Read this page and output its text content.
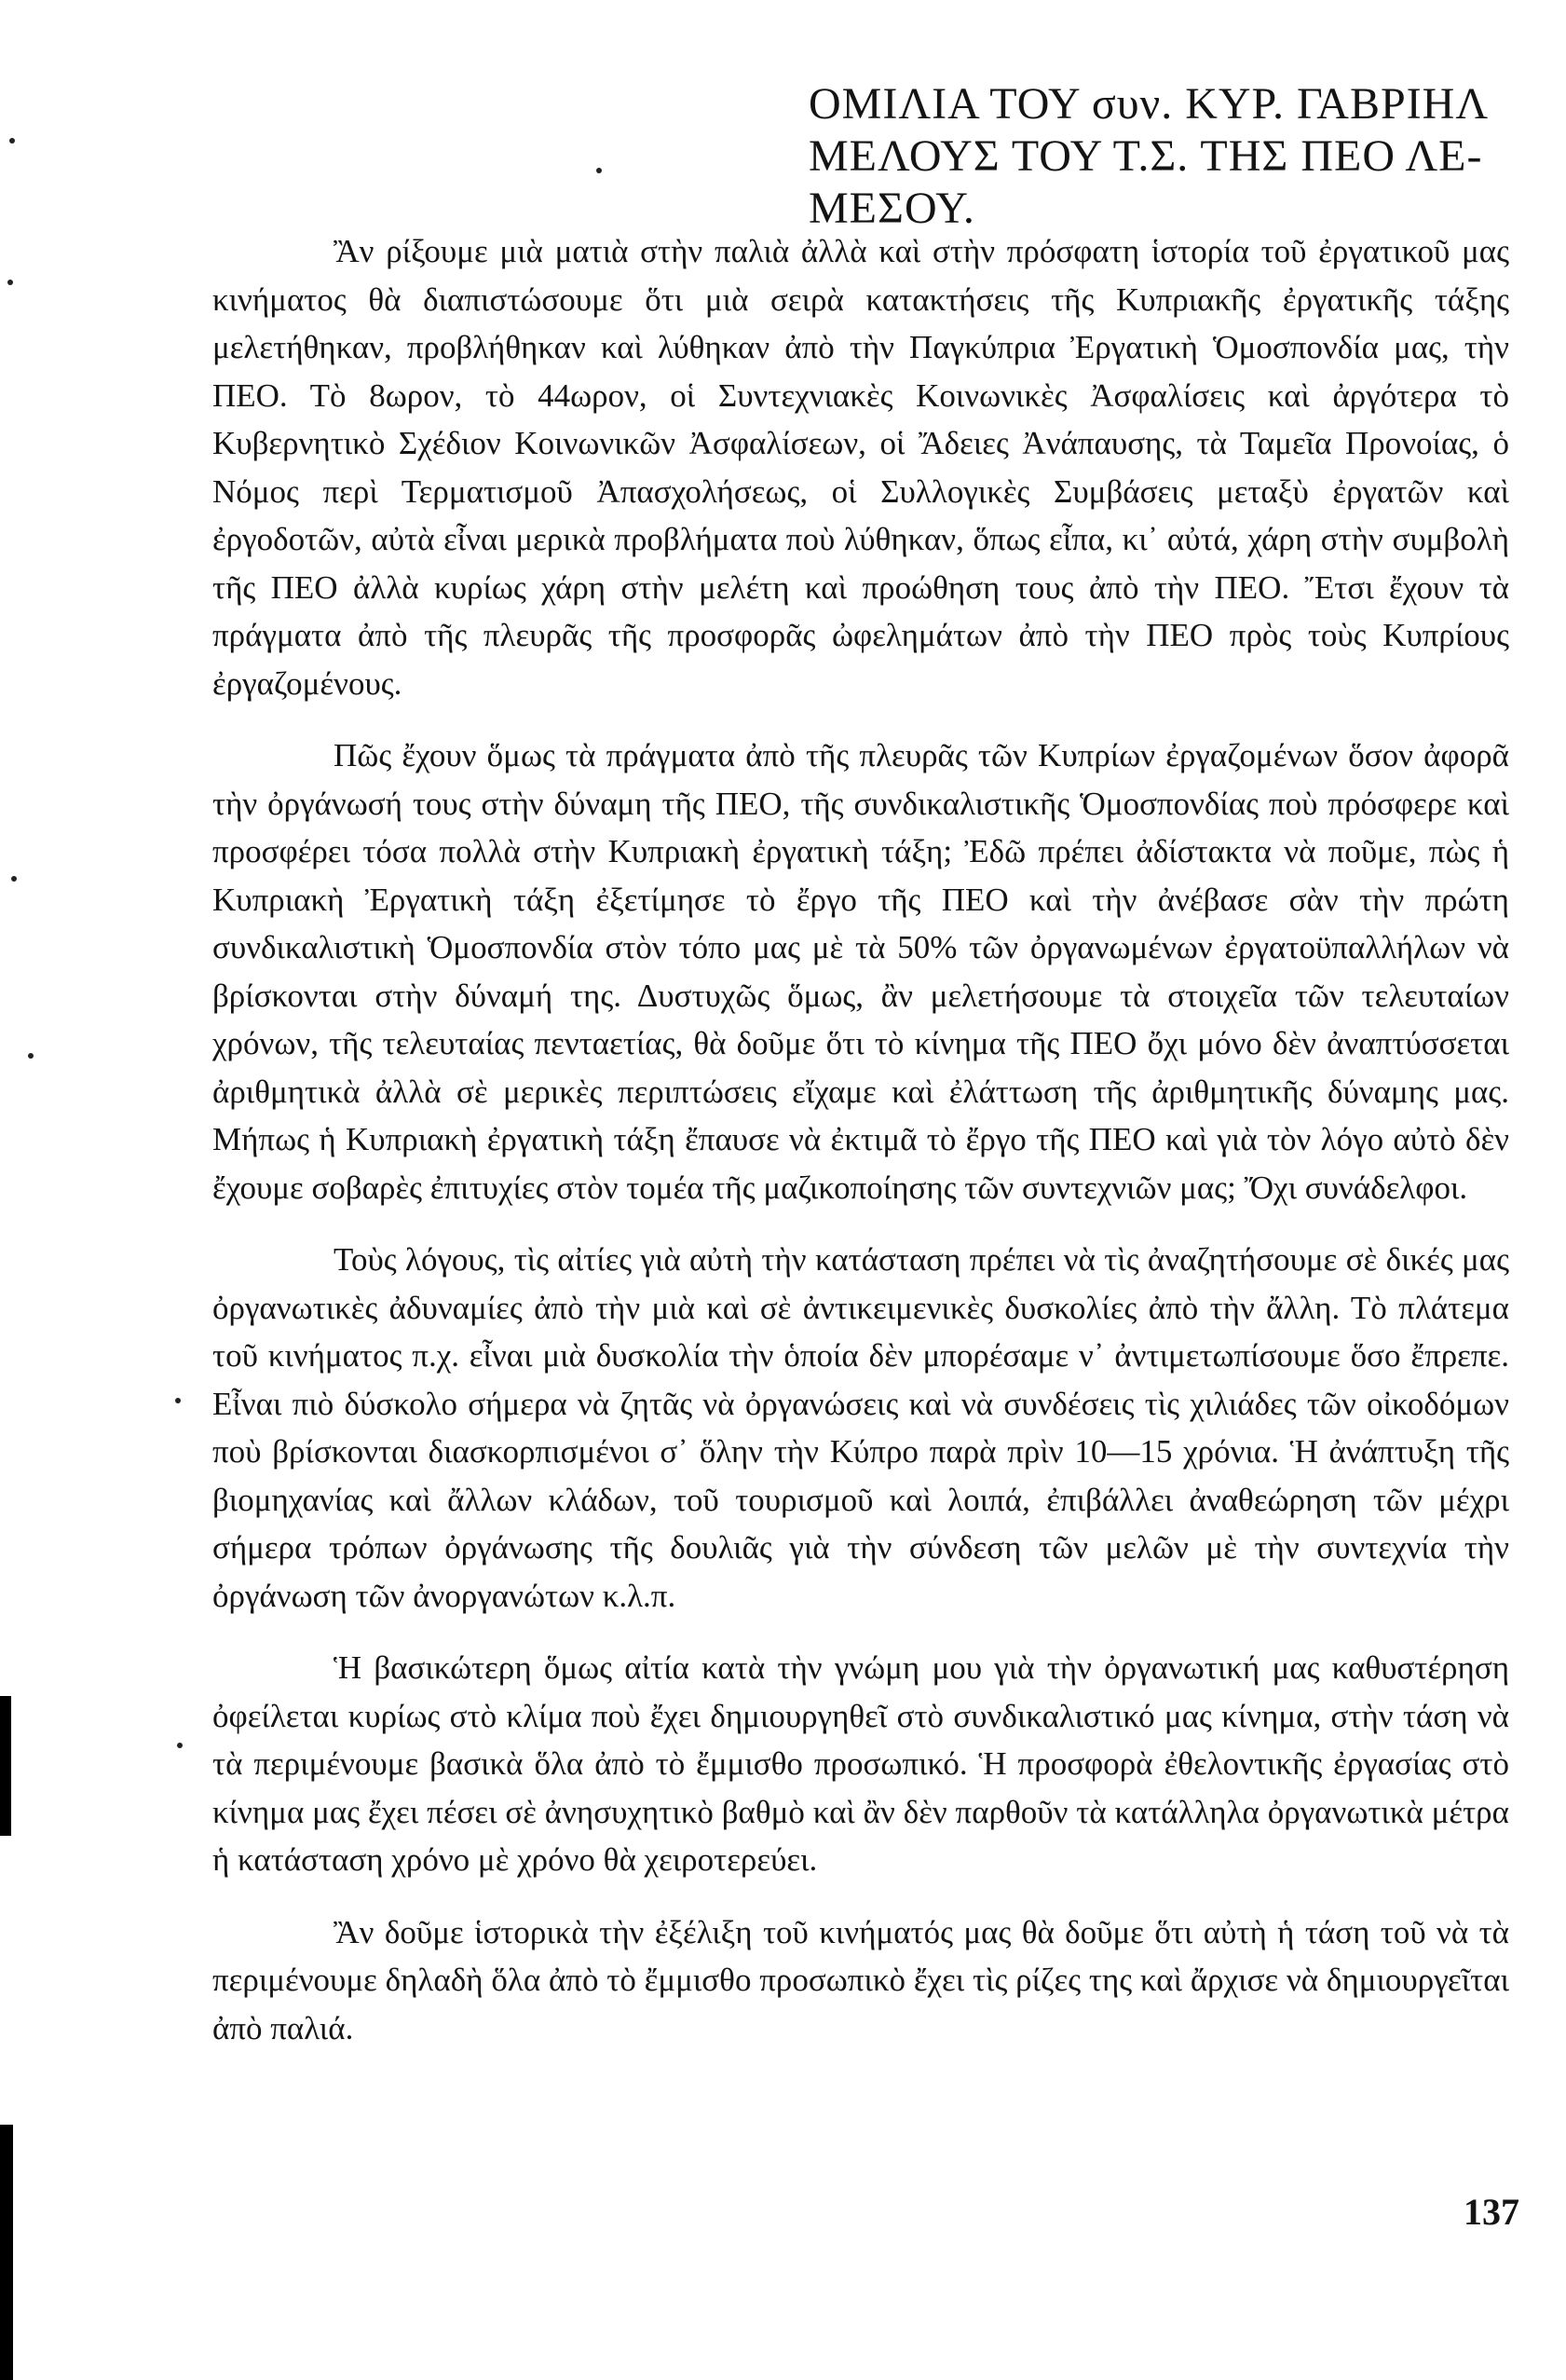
ΟΜΙΛΙΑ ΤΟΥ συν. ΚΥΡ. ΓΑΒΡΙΗΛ
ΜΕΛΟΥΣ ΤΟΥ Τ.Σ. ΤΗΣ ΠΕΟ ΛΕ-
ΜΕΣΟΥ.

Ἂν ρίξουμε μιὰ ματιὰ στὴν παλιὰ ἀλλὰ καὶ στὴν πρόσφατη ἱστορία τοῦ ἐργατικοῦ μας κινήματος θὰ διαπιστώσουμε ὅτι μιὰ σειρὰ κατακτήσεις τῆς Κυπριακῆς ἐργατικῆς τάξης μελετήθηκαν, προβλήθηκαν καὶ λύθηκαν ἀπὸ τὴν Παγκύπρια Ἐργατικὴ Ὁμοσπονδία μας, τὴν ΠΕΟ. Τὸ 8ωρον, τὸ 44ωρον, οἱ Συντεχνιακὲς Κοινωνικὲς Ἀσφαλίσεις καὶ ἀργότερα τὸ Κυβερνητικὸ Σχέδιον Κοινωνικῶν Ἀσφαλίσεων, οἱ Ἄδειες Ἀνάπαυσης, τὰ Ταμεῖα Προνοίας, ὁ Νόμος περὶ Τερματισμοῦ Ἀπασχολήσεως, οἱ Συλλογικὲς Συμβάσεις μεταξὺ ἐργατῶν καὶ ἐργοδοτῶν, αὐτὰ εἶναι μερικὰ προβλήματα ποὺ λύθηκαν, ὅπως εἶπα, κι᾽ αὐτά, χάρη στὴν συμβολὴ τῆς ΠΕΟ ἀλλὰ κυρίως χάρη στὴν μελέτη καὶ προώθηση τους ἀπὸ τὴν ΠΕΟ. Ἔτσι ἔχουν τὰ πράγματα ἀπὸ τῆς πλευρᾶς τῆς προσφορᾶς ὠφελημάτων ἀπὸ τὴν ΠΕΟ πρὸς τοὺς Κυπρίους ἐργαζομένους.

Πῶς ἔχουν ὅμως τὰ πράγματα ἀπὸ τῆς πλευρᾶς τῶν Κυπρίων ἐργαζομένων ὅσον ἀφορᾶ τὴν ὀργάνωσή τους στὴν δύναμη τῆς ΠΕΟ, τῆς συνδικαλιστικῆς Ὁμοσπονδίας ποὺ πρόσφερε καὶ προσφέρει τόσα πολλὰ στὴν Κυπριακὴ ἐργατικὴ τάξη; Ἐδῶ πρέπει ἀδίστακτα νὰ ποῦμε, πὼς ἡ Κυπριακὴ Ἐργατικὴ τάξη ἐξετίμησε τὸ ἔργο τῆς ΠΕΟ καὶ τὴν ἀνέβασε σὰν τὴν πρώτη συνδικαλιστικὴ Ὁμοσπονδία στὸν τόπο μας μὲ τὰ 50% τῶν ὀργανωμένων ἐργατοϋπαλλήλων νὰ βρίσκονται στὴν δύναμή της. Δυστυχῶς ὅμως, ἂν μελετήσουμε τὰ στοιχεῖα τῶν τελευταίων χρόνων, τῆς τελευταίας πενταετίας, θὰ δοῦμε ὅτι τὸ κίνημα τῆς ΠΕΟ ὄχι μόνο δὲν ἀναπτύσσεται ἀριθμητικὰ ἀλλὰ σὲ μερικὲς περιπτώσεις εἴχαμε καὶ ἐλάττωση τῆς ἀριθμητικῆς δύναμης μας. Μήπως ἡ Κυπριακὴ ἐργατικὴ τάξη ἔπαυσε νὰ ἐκτιμᾶ τὸ ἔργο τῆς ΠΕΟ καὶ γιὰ τὸν λόγο αὐτὸ δὲν ἔχουμε σοβαρὲς ἐπιτυχίες στὸν τομέα τῆς μαζικοποίησης τῶν συντεχνιῶν μας; Ὄχι συνάδελφοι.

Τοὺς λόγους, τὶς αἰτίες γιὰ αὐτὴ τὴν κατάσταση πρέπει νὰ τὶς ἀναζητήσουμε σὲ δικές μας ὀργανωτικὲς ἀδυναμίες ἀπὸ τὴν μιὰ καὶ σὲ ἀντικειμενικὲς δυσκολίες ἀπὸ τὴν ἄλλη. Τὸ πλάτεμα τοῦ κινήματος π.χ. εἶναι μιὰ δυσκολία τὴν ὁποία δὲν μπορέσαμε ν᾽ ἀντιμετωπίσουμε ὅσο ἔπρεπε. Εἶναι πιὸ δύσκολο σήμερα νὰ ζητᾶς νὰ ὀργανώσεις καὶ νὰ συνδέσεις τὶς χιλιάδες τῶν οἰκοδόμων ποὺ βρίσκονται διασκορπισμένοι σ᾽ ὅλην τὴν Κύπρο παρὰ πρὶν 10—15 χρόνια. Ἡ ἀνάπτυξη τῆς βιομηχανίας καὶ ἄλλων κλάδων, τοῦ τουρισμοῦ καὶ λοιπά, ἐπιβάλλει ἀναθεώρηση τῶν μέχρι σήμερα τρόπων ὀργάνωσης τῆς δουλιᾶς γιὰ τὴν σύνδεση τῶν μελῶν μὲ τὴν συντεχνία τὴν ὀργάνωση τῶν ἀνοργανώτων κ.λ.π.

Ἡ βασικώτερη ὅμως αἰτία κατὰ τὴν γνώμη μου γιὰ τὴν ὀργανωτική μας καθυστέρηση ὀφείλεται κυρίως στὸ κλίμα ποὺ ἔχει δημιουργηθεῖ στὸ συνδικαλιστικό μας κίνημα, στὴν τάση νὰ τὰ περιμένουμε βασικὰ ὅλα ἀπὸ τὸ ἔμμισθο προσωπικό. Ἡ προσφορὰ ἐθελοντικῆς ἐργασίας στὸ κίνημα μας ἔχει πέσει σὲ ἀνησυχητικὸ βαθμὸ καὶ ἂν δὲν παρθοῦν τὰ κατάλληλα ὀργανωτικὰ μέτρα ἡ κατάσταση χρόνο μὲ χρόνο θὰ χειροτερεύει.

Ἂν δοῦμε ἱστορικὰ τὴν ἐξέλιξη τοῦ κινήματός μας θὰ δοῦμε ὅτι αὐτὴ ἡ τάση τοῦ νὰ τὰ περιμένουμε δηλαδὴ ὅλα ἀπὸ τὸ ἔμμισθο προσωπικὸ ἔχει τὶς ρίζες της καὶ ἄρχισε νὰ δημιουργεῖται ἀπὸ παλιά.

137
